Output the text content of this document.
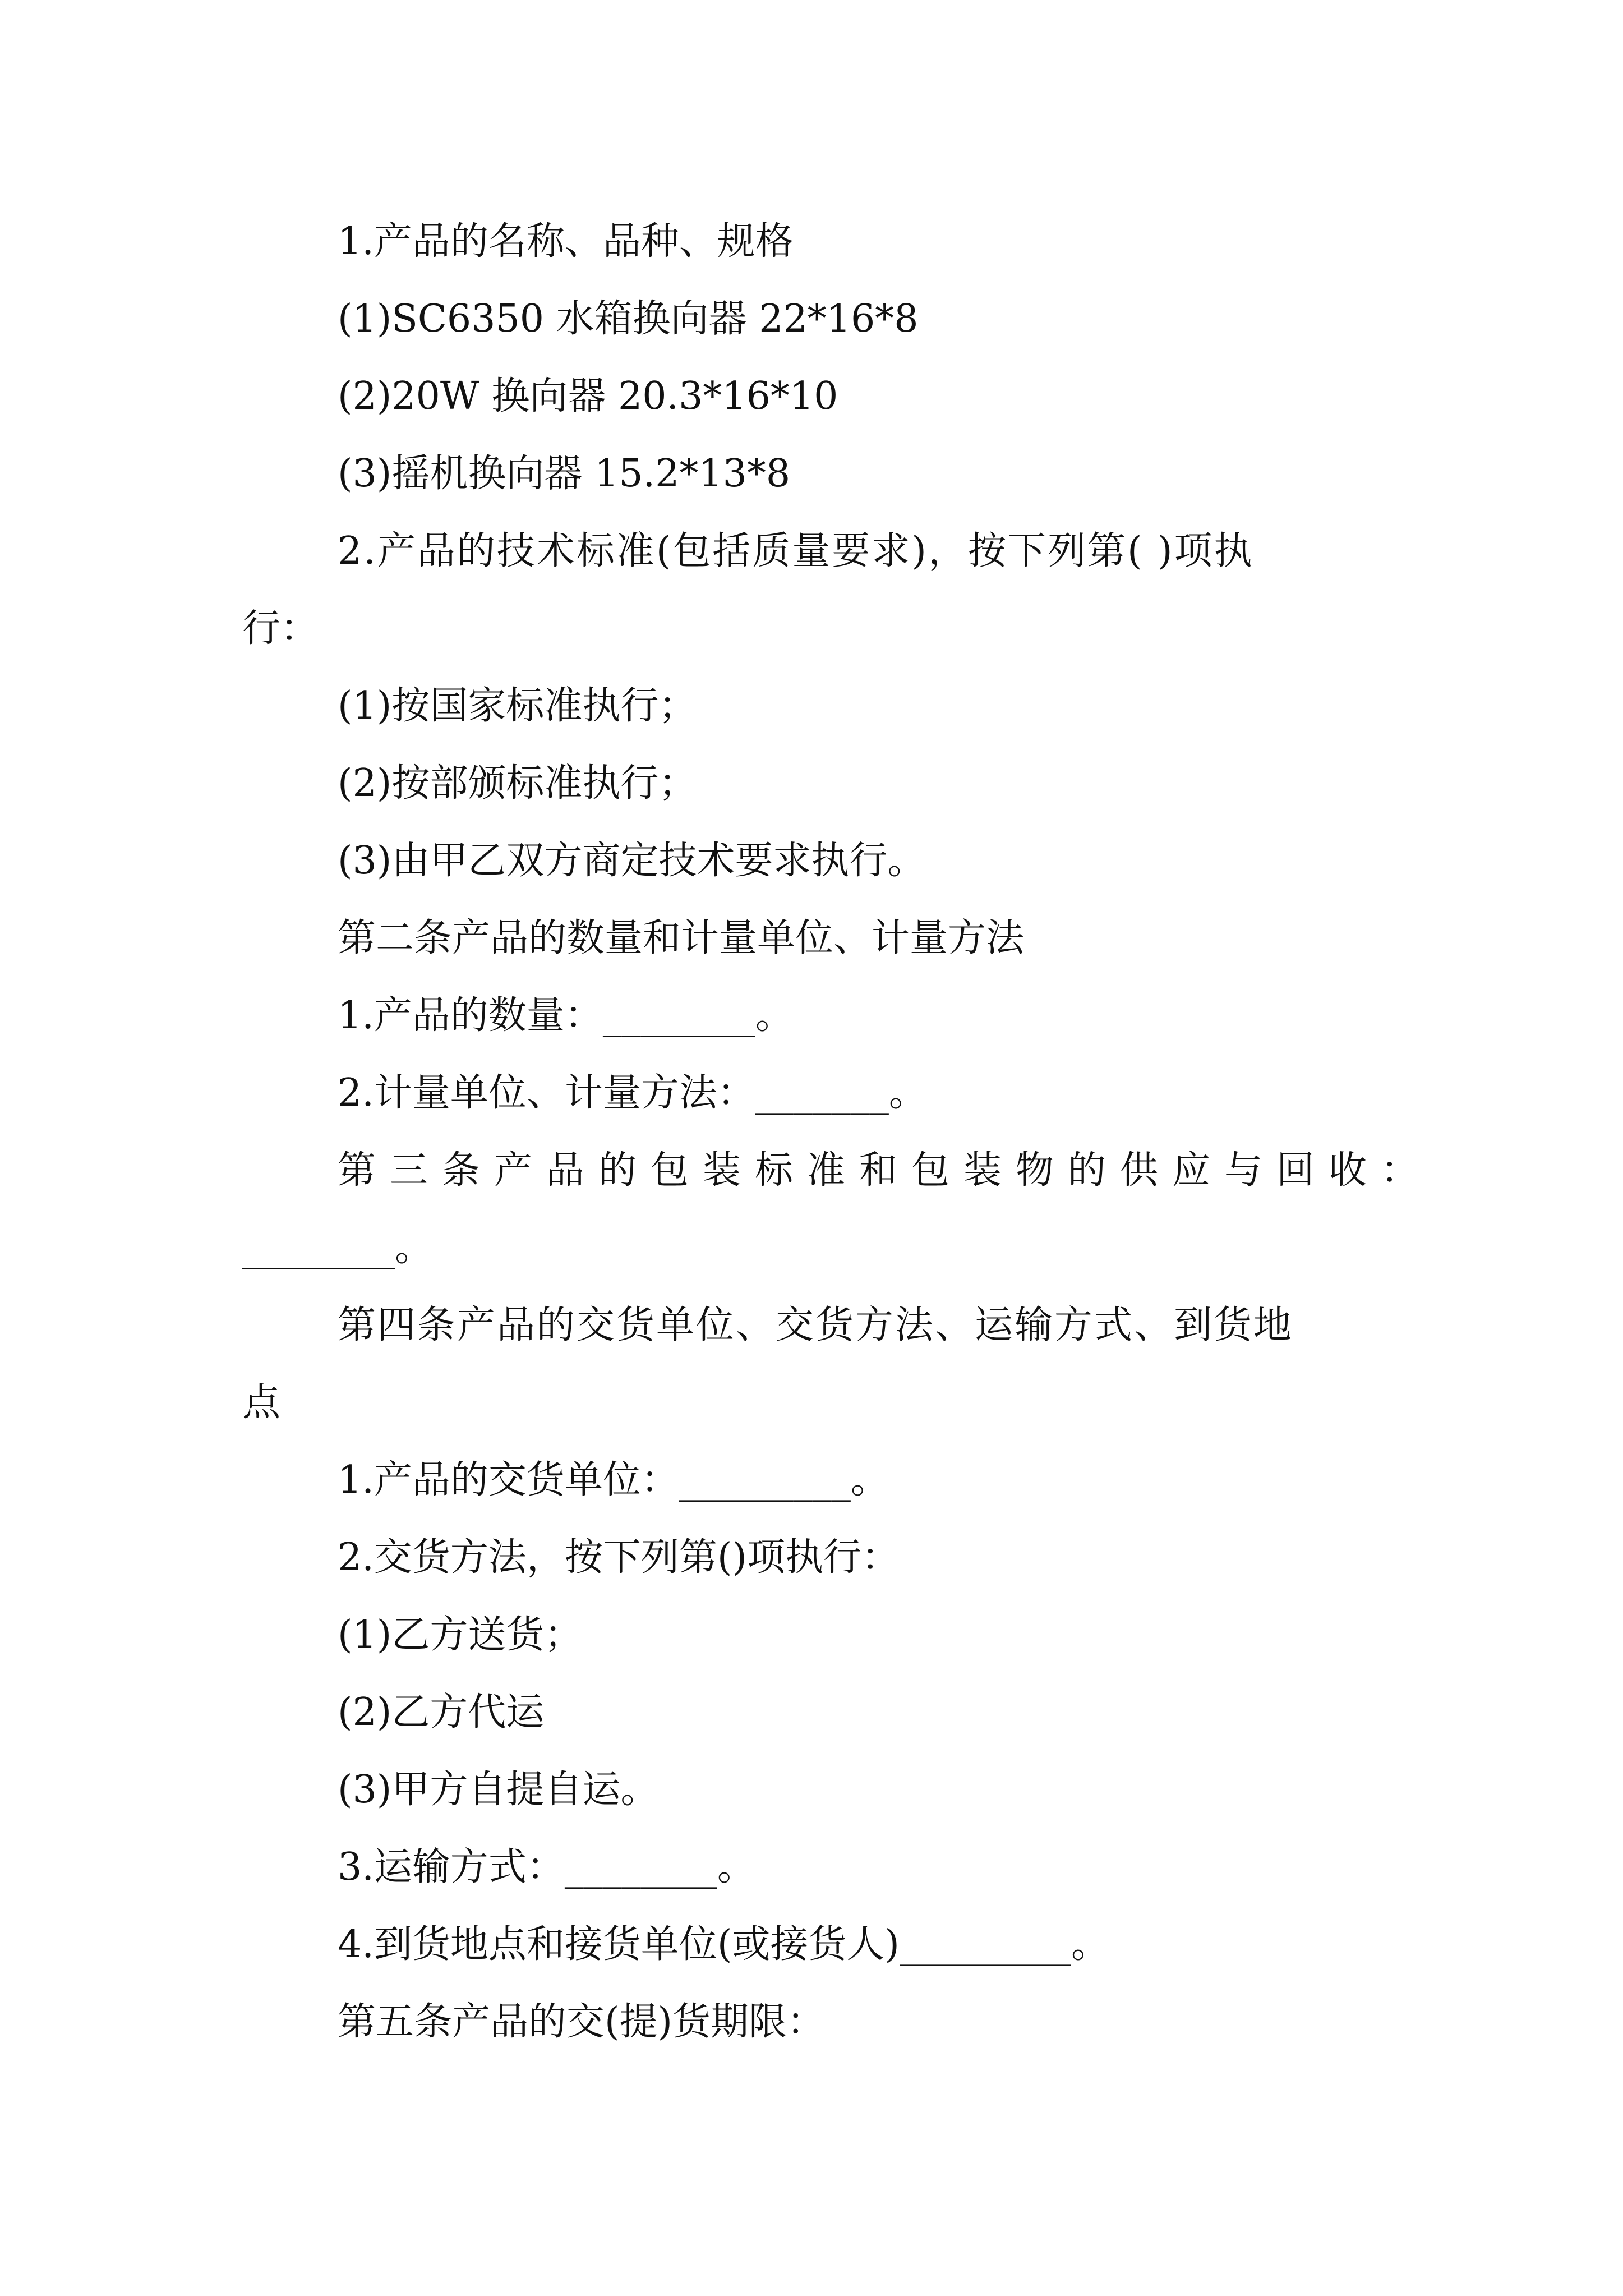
1.产品的名称、品种、规格
(1)SC6350 水箱换向器 22*16*8
(2)20W 换向器 20.3*16*10
(3)摇机换向器 15.2*13*8
2.产品的技术标准(包括质量要求)，按下列第( )项执
行：
(1)按国家标准执行；
(2)按部颁标准执行；
(3)由甲乙双方商定技术要求执行。
第二条产品的数量和计量单位、计量方法
1.产品的数量：________。
2.计量单位、计量方法：_______。
第三条产品的包装标准和包装物的供应与回收：
________。
第四条产品的交货单位、交货方法、运输方式、到货地
点
1.产品的交货单位：_________。
2.交货方法，按下列第()项执行：
(1)乙方送货；
(2)乙方代运
(3)甲方自提自运。
3.运输方式：________。
4.到货地点和接货单位(或接货人)_________。
第五条产品的交(提)货期限：
